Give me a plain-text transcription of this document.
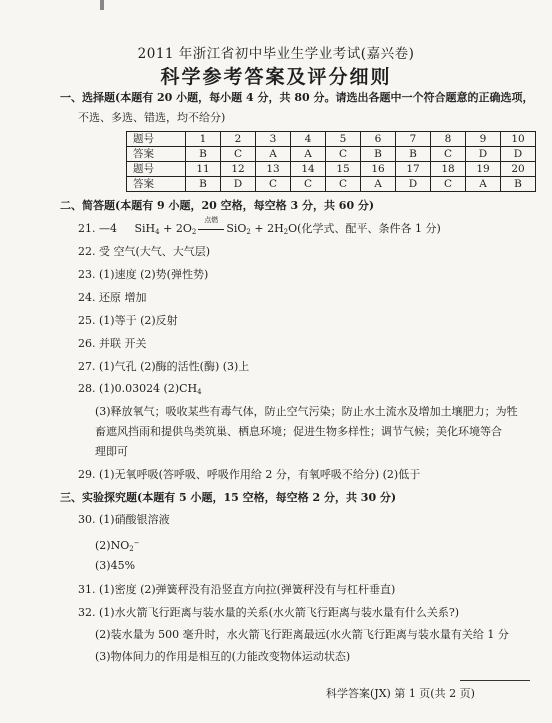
2011 年浙江省初中毕业生学业考试(嘉兴卷)
科学参考答案及评分细则
一、选择题(本题有 20 小题，每小题 4 分，共 80 分。请选出各题中一个符合题意的正确选项，
不选、多选、错选，均不给分)
题号	1	2	3	4	5	6	7	8	9	10
答案	B	C	A	A	C	B	B	C	D	D
题号	11	12	13	14	15	16	17	18	19	20
答案	B	D	C	C	C	A	D	C	A	B
二、简答题(本题有 9 小题，20 空格，每空格 3 分，共 60 分)
21. —4 $SiH_4 + 2O_2$
点燃
$SiO_2 + 2H_2O$(化学式、配平、条件各 1 分)
22. 受 空气(大气、大气层)
23. (1)速度 (2)势(弹性势)
24. 还原 增加
25. (1)等于 (2)反射
26. 并联 开关
27. (1)气孔 (2)酶的活性(酶) (3)上
28. (1)0.03024 $(2)CH_4$
(3)释放氧气；吸收某些有毒气体，防止空气污染；防止水土流水及增加土壤肥力；为牲
畜遮风挡雨和提供鸟类筑巢、栖息环境；促进生物多样性；调节气候；美化环境等合
理即可
29. (1)无氧呼吸(答呼吸、呼吸作用给 2 分，有氧呼吸不给分) (2)低于
三、实验探究题(本题有 5 小题，15 空格，每空格 2 分，共 30 分)
30. (1)硝酸银溶液
$(2)NO_2^-$
(3)45%
31. (1)密度 (2)弹簧秤没有沿竖直方向拉(弹簧秤没有与杠杆垂直)
32. (1)水火箭飞行距离与装水量的关系(水火箭飞行距离与装水量有什么关系?)
(2)装水量为 500 毫升时，水火箭飞行距离最远(水火箭飞行距离与装水量有关给 1 分
(3)物体间力的作用是相互的(力能改变物体运动状态)
科学答案(JX) 第 1 页(共 2 页)
